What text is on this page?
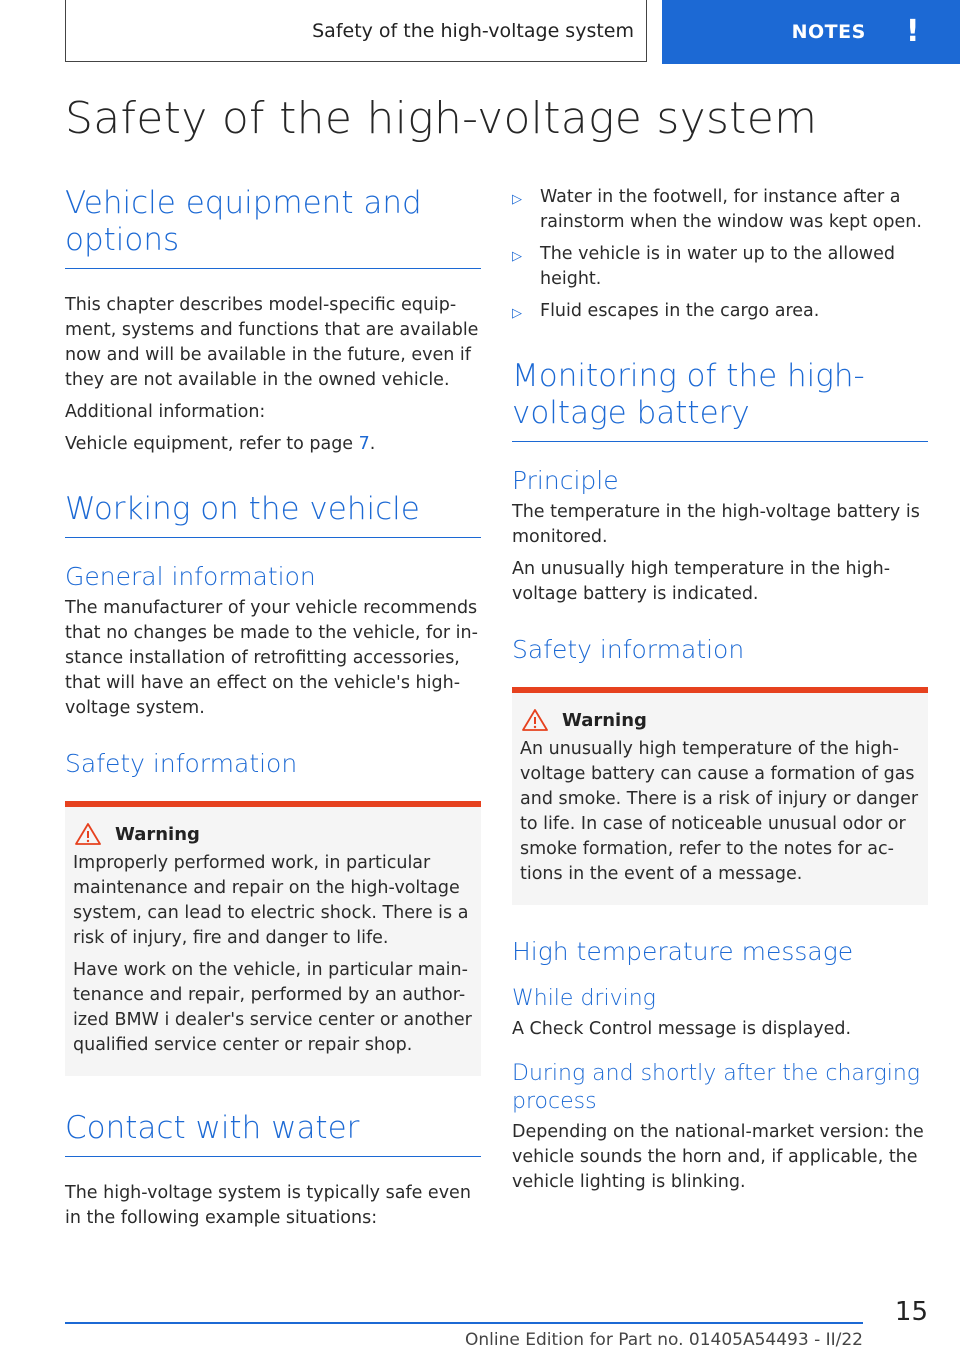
Safety of the high-voltage system	NOTES !
Safety of the high-voltage system
Vehicle equipment and options

This chapter describes model-specific equip-ment, systems and functions that are available now and will be available in the future, even if they are not available in the owned vehicle.

Additional information:

Vehicle equipment, refer to page 7.

Working on the vehicle
General information

The manufacturer of your vehicle recommends that no changes be made to the vehicle, for in-stance installation of retrofitting accessories, that will have an effect on the vehicle's high-voltage system.

Safety information
Warning

Improperly performed work, in particular maintenance and repair on the high-voltage system, can lead to electric shock. There is a risk of injury, fire and danger to life.

Have work on the vehicle, in particular main-tenance and repair, performed by an author-ized BMW i dealer's service center or another qualified service center or repair shop.

Contact with water

The high-voltage system is typically safe even in the following example situations:

▷	Water in the footwell, for instance after a rainstorm when the window was kept open.
▷	The vehicle is in water up to the allowed height.
▷	Fluid escapes in the cargo area.
Monitoring of the high-voltage battery
Principle

The temperature in the high-voltage battery is monitored.

An unusually high temperature in the high-voltage battery is indicated.

Safety information
Warning

An unusually high temperature of the high-voltage battery can cause a formation of gas and smoke. There is a risk of injury or danger to life. In case of noticeable unusual odor or smoke formation, refer to the notes for ac-tions in the event of a message.

High temperature message
While driving

A Check Control message is displayed.

During and shortly after the charging process

Depending on the national-market version: the vehicle sounds the horn and, if applicable, the vehicle lighting is blinking.

15
Online Edition for Part no. 01405A54493 - II/22
